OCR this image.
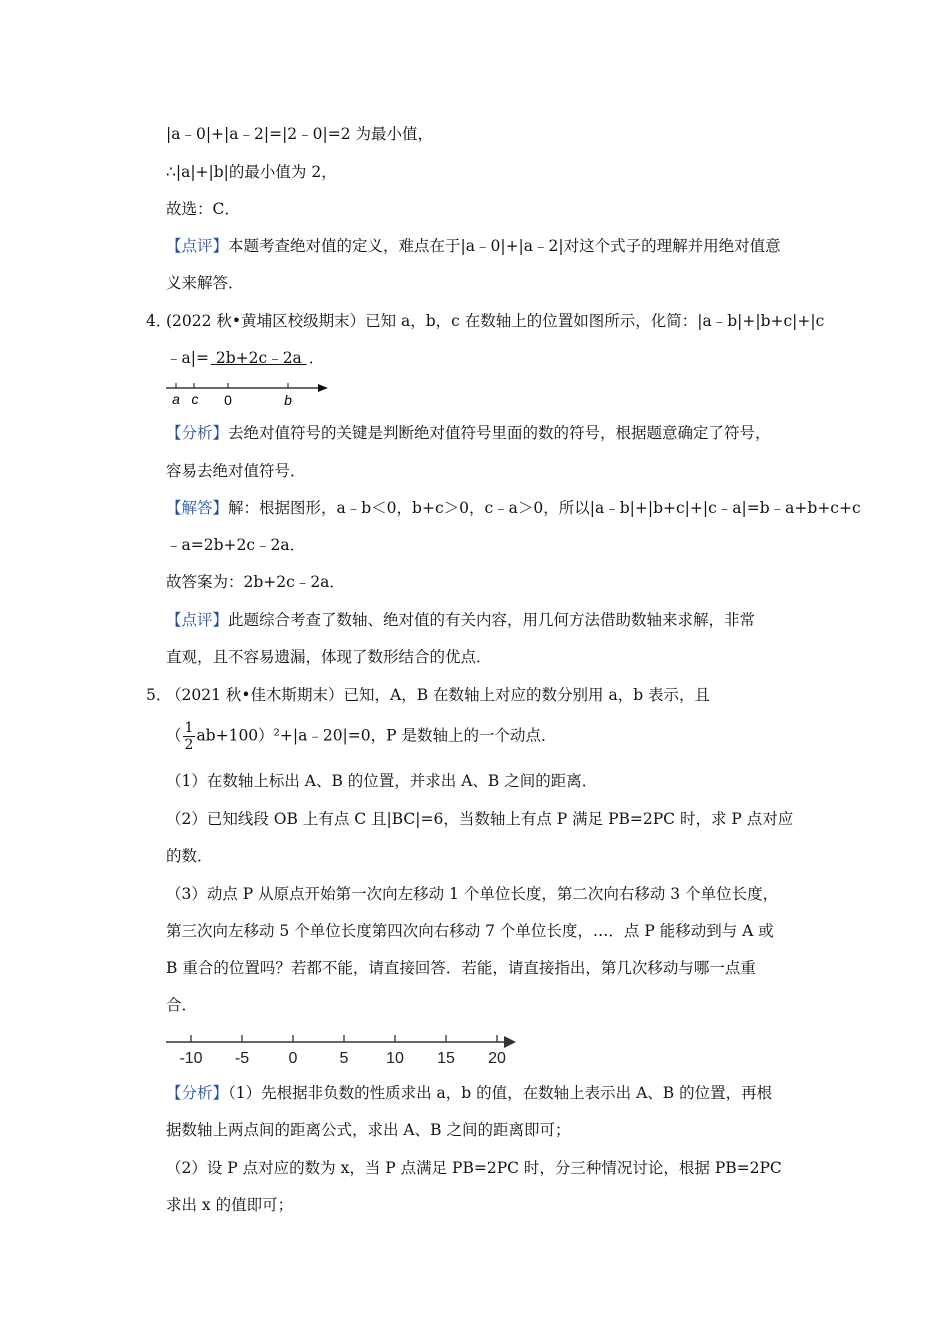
|a﹣0|+|a﹣2|=|2﹣0|=2 为最小值，
∴|a|+|b|的最小值为 2，
故选：C．
【点评】本题考查绝对值的定义，难点在于|a﹣0|+|a﹣2|对这个式子的理解并用绝对值意
义来解答．
4．
(2022 秋•黄埔区校级期末）已知 a，b，c 在数轴上的位置如图所示，化简：|a﹣b|+|b+c|+|c
﹣a|= 2b+2c﹣2a ．
a c 0	b
【分析】去绝对值符号的关键是判断绝对值符号里面的数的符号，根据题意确定了符号，
容易去绝对值符号．
【解答】解：根据图形，a﹣b＜0，b+c＞0，c﹣a＞0，所以|a﹣b|+|b+c|+|c﹣a|=b﹣a+b+c+c
﹣a=2b+2c﹣2a．
故答案为：2b+2c﹣2a．
【点评】此题综合考查了数轴、绝对值的有关内容，用几何方法借助数轴来求解，非常
直观，且不容易遗漏，体现了数形结合的优点．
5．
（2021 秋•佳木斯期末）已知，A，B 在数轴上对应的数分别用 a，b 表示，且
（ $\frac{1}{2}$ ab+100）²+|a﹣20|=0，P 是数轴上的一个动点．
（1）在数轴上标出 A、B 的位置，并求出 A、B 之间的距离．
（2）已知线段 OB 上有点 C 且|BC|=6，当数轴上有点 P 满足 PB=2PC 时，求 P 点对应
的数．
（3）动点 P 从原点开始第一次向左移动 1 个单位长度，第二次向右移动 3 个单位长度，
第三次向左移动 5 个单位长度第四次向右移动 7 个单位长度，…．点 P 能移动到与 A 或
B 重合的位置吗？若都不能，请直接回答．若能，请直接指出，第几次移动与哪一点重
合．
-10 -5 0	5 10 15 20
【分析】（1）先根据非负数的性质求出 a，b 的值，在数轴上表示出 A、B 的位置，再根
据数轴上两点间的距离公式，求出 A、B 之间的距离即可；
（2）设 P 点对应的数为 x，当 P 点满足 PB=2PC 时，分三种情况讨论，根据 PB=2PC
求出 x 的值即可；
